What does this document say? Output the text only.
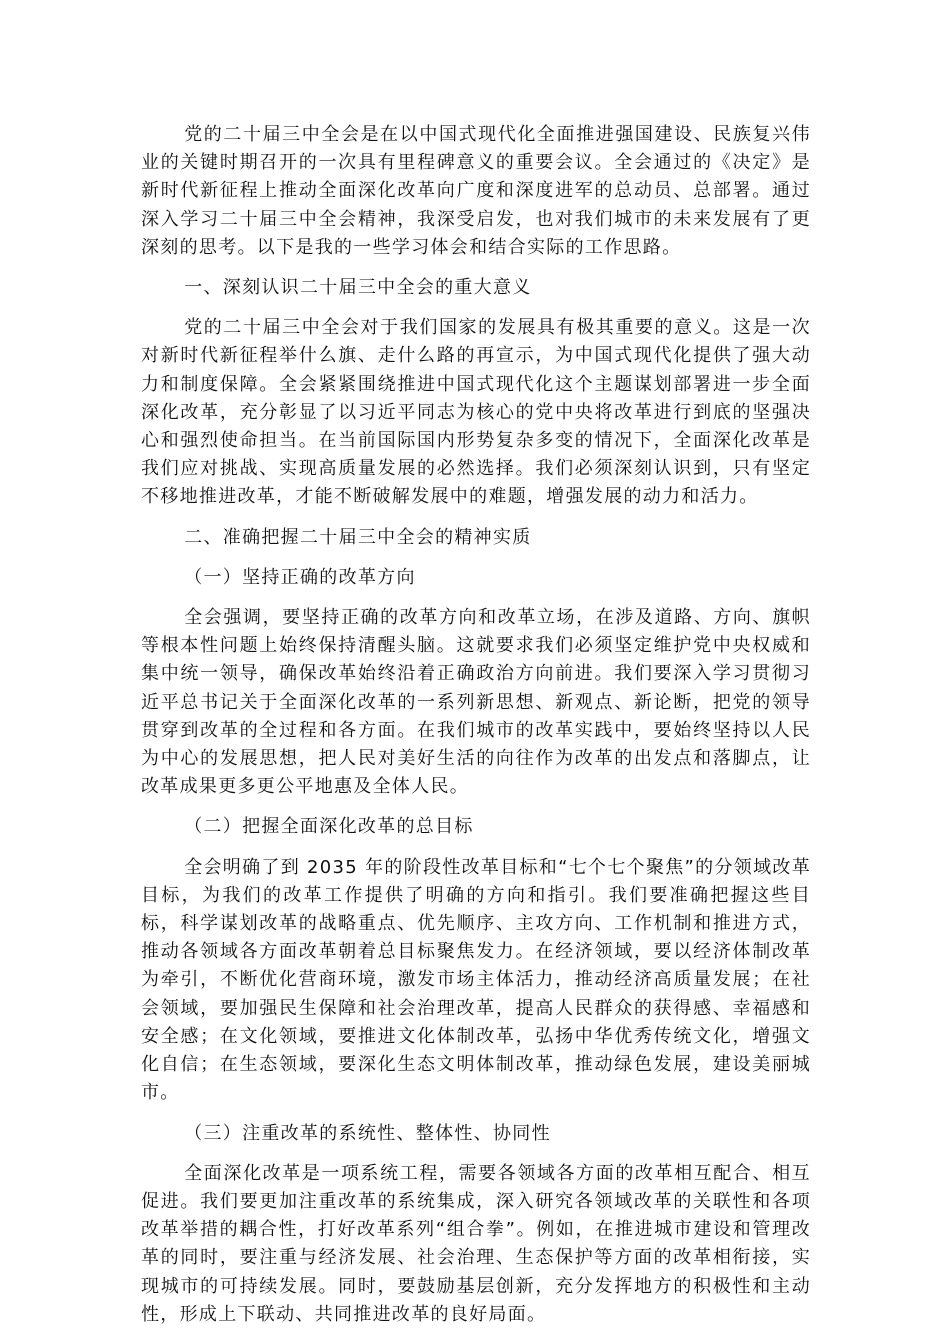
党的二十届三中全会是在以中国式现代化全面推进强国建设、民族复兴伟业的关键时期召开的一次具有里程碑意义的重要会议。全会通过的《决定》是新时代新征程上推动全面深化改革向广度和深度进军的总动员、总部署。通过深入学习二十届三中全会精神，我深受启发，也对我们城市的未来发展有了更深刻的思考。以下是我的一些学习体会和结合实际的工作思路。

一、深刻认识二十届三中全会的重大意义

党的二十届三中全会对于我们国家的发展具有极其重要的意义。这是一次对新时代新征程举什么旗、走什么路的再宣示，为中国式现代化提供了强大动力和制度保障。全会紧紧围绕推进中国式现代化这个主题谋划部署进一步全面深化改革，充分彰显了以习近平同志为核心的党中央将改革进行到底的坚强决心和强烈使命担当。在当前国际国内形势复杂多变的情况下，全面深化改革是我们应对挑战、实现高质量发展的必然选择。我们必须深刻认识到，只有坚定不移地推进改革，才能不断破解发展中的难题，增强发展的动力和活力。

二、准确把握二十届三中全会的精神实质

（一）坚持正确的改革方向

全会强调，要坚持正确的改革方向和改革立场，在涉及道路、方向、旗帜等根本性问题上始终保持清醒头脑。这就要求我们必须坚定维护党中央权威和集中统一领导，确保改革始终沿着正确政治方向前进。我们要深入学习贯彻习近平总书记关于全面深化改革的一系列新思想、新观点、新论断，把党的领导贯穿到改革的全过程和各方面。在我们城市的改革实践中，要始终坚持以人民为中心的发展思想，把人民对美好生活的向往作为改革的出发点和落脚点，让改革成果更多更公平地惠及全体人民。

（二）把握全面深化改革的总目标

全会明确了到 2035 年的阶段性改革目标和“七个七个聚焦”的分领域改革目标，为我们的改革工作提供了明确的方向和指引。我们要准确把握这些目标，科学谋划改革的战略重点、优先顺序、主攻方向、工作机制和推进方式，推动各领域各方面改革朝着总目标聚焦发力。在经济领域，要以经济体制改革为牵引，不断优化营商环境，激发市场主体活力，推动经济高质量发展；在社会领域，要加强民生保障和社会治理改革，提高人民群众的获得感、幸福感和安全感；在文化领域，要推进文化体制改革，弘扬中华优秀传统文化，增强文化自信；在生态领域，要深化生态文明体制改革，推动绿色发展，建设美丽城市。

（三）注重改革的系统性、整体性、协同性

全面深化改革是一项系统工程，需要各领域各方面的改革相互配合、相互促进。我们要更加注重改革的系统集成，深入研究各领域改革的关联性和各项改革举措的耦合性，打好改革系列“组合拳”。例如，在推进城市建设和管理改革的同时，要注重与经济发展、社会治理、生态保护等方面的改革相衔接，实现城市的可持续发展。同时，要鼓励基层创新，充分发挥地方的积极性和主动性，形成上下联动、共同推进改革的良好局面。
